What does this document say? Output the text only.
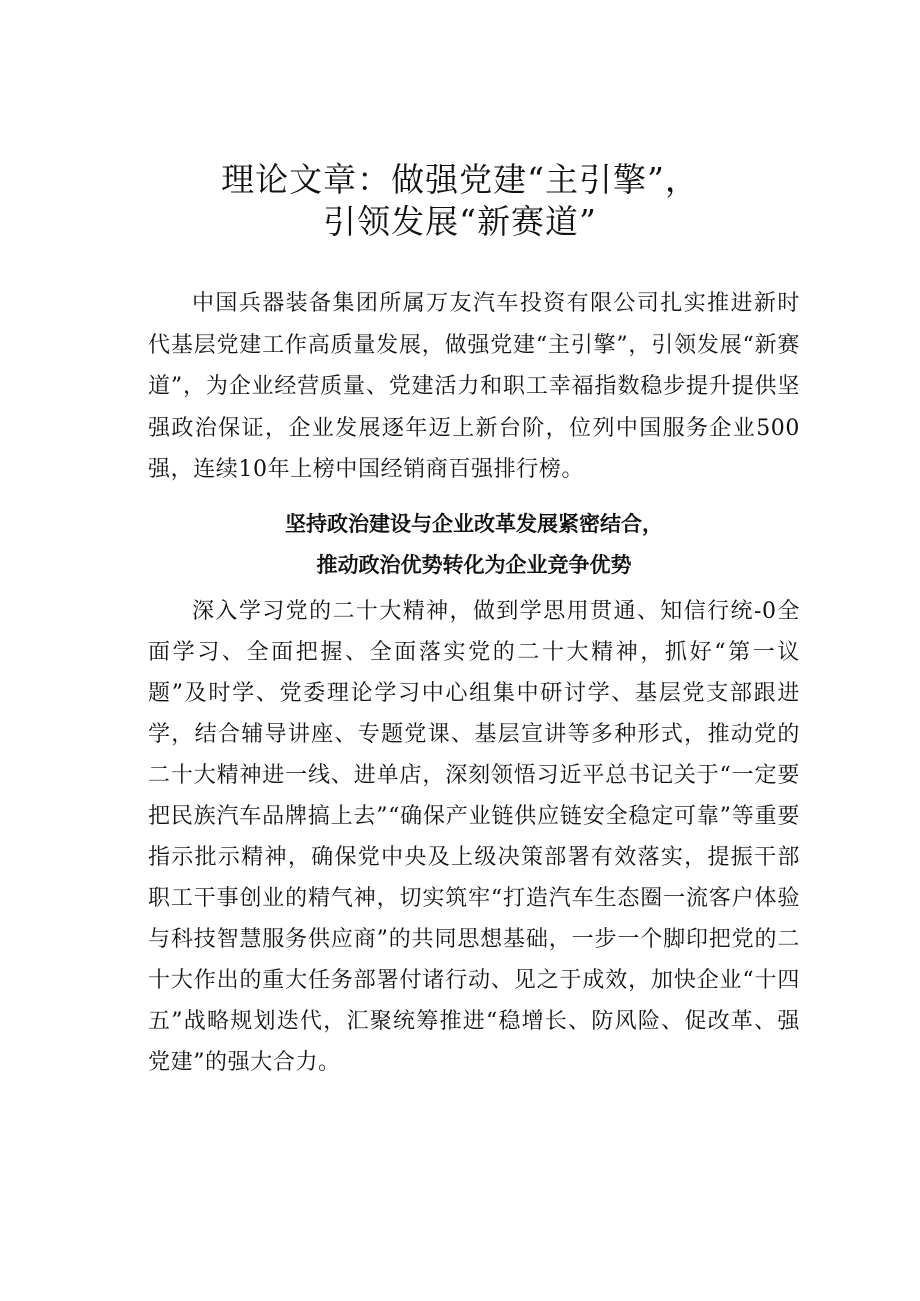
理论文章：做强党建“主引擎”，
引领发展“新赛道”

中国兵器装备集团所属万友汽车投资有限公司扎实推进新时代基层党建工作高质量发展，做强党建“主引擎”，引领发展“新赛道”，为企业经营质量、党建活力和职工幸福指数稳步提升提供坚强政治保证，企业发展逐年迈上新台阶，位列中国服务企业500强，连续10年上榜中国经销商百强排行榜。

坚持政治建设与企业改革发展紧密结合，
推动政治优势转化为企业竞争优势

深入学习党的二十大精神，做到学思用贯通、知信行统-0全面学习、全面把握、全面落实党的二十大精神，抓好“第一议题”及时学、党委理论学习中心组集中研讨学、基层党支部跟进学，结合辅导讲座、专题党课、基层宣讲等多种形式，推动党的二十大精神进一线、进单店，深刻领悟习近平总书记关于“一定要把民族汽车品牌搞上去”“确保产业链供应链安全稳定可靠”等重要指示批示精神，确保党中央及上级决策部署有效落实，提振干部职工干事创业的精气神，切实筑牢“打造汽车生态圈一流客户体验与科技智慧服务供应商”的共同思想基础，一步一个脚印把党的二十大作出的重大任务部署付诸行动、见之于成效，加快企业“十四五”战略规划迭代，汇聚统筹推进“稳增长、防风险、促改革、强党建”的强大合力。
